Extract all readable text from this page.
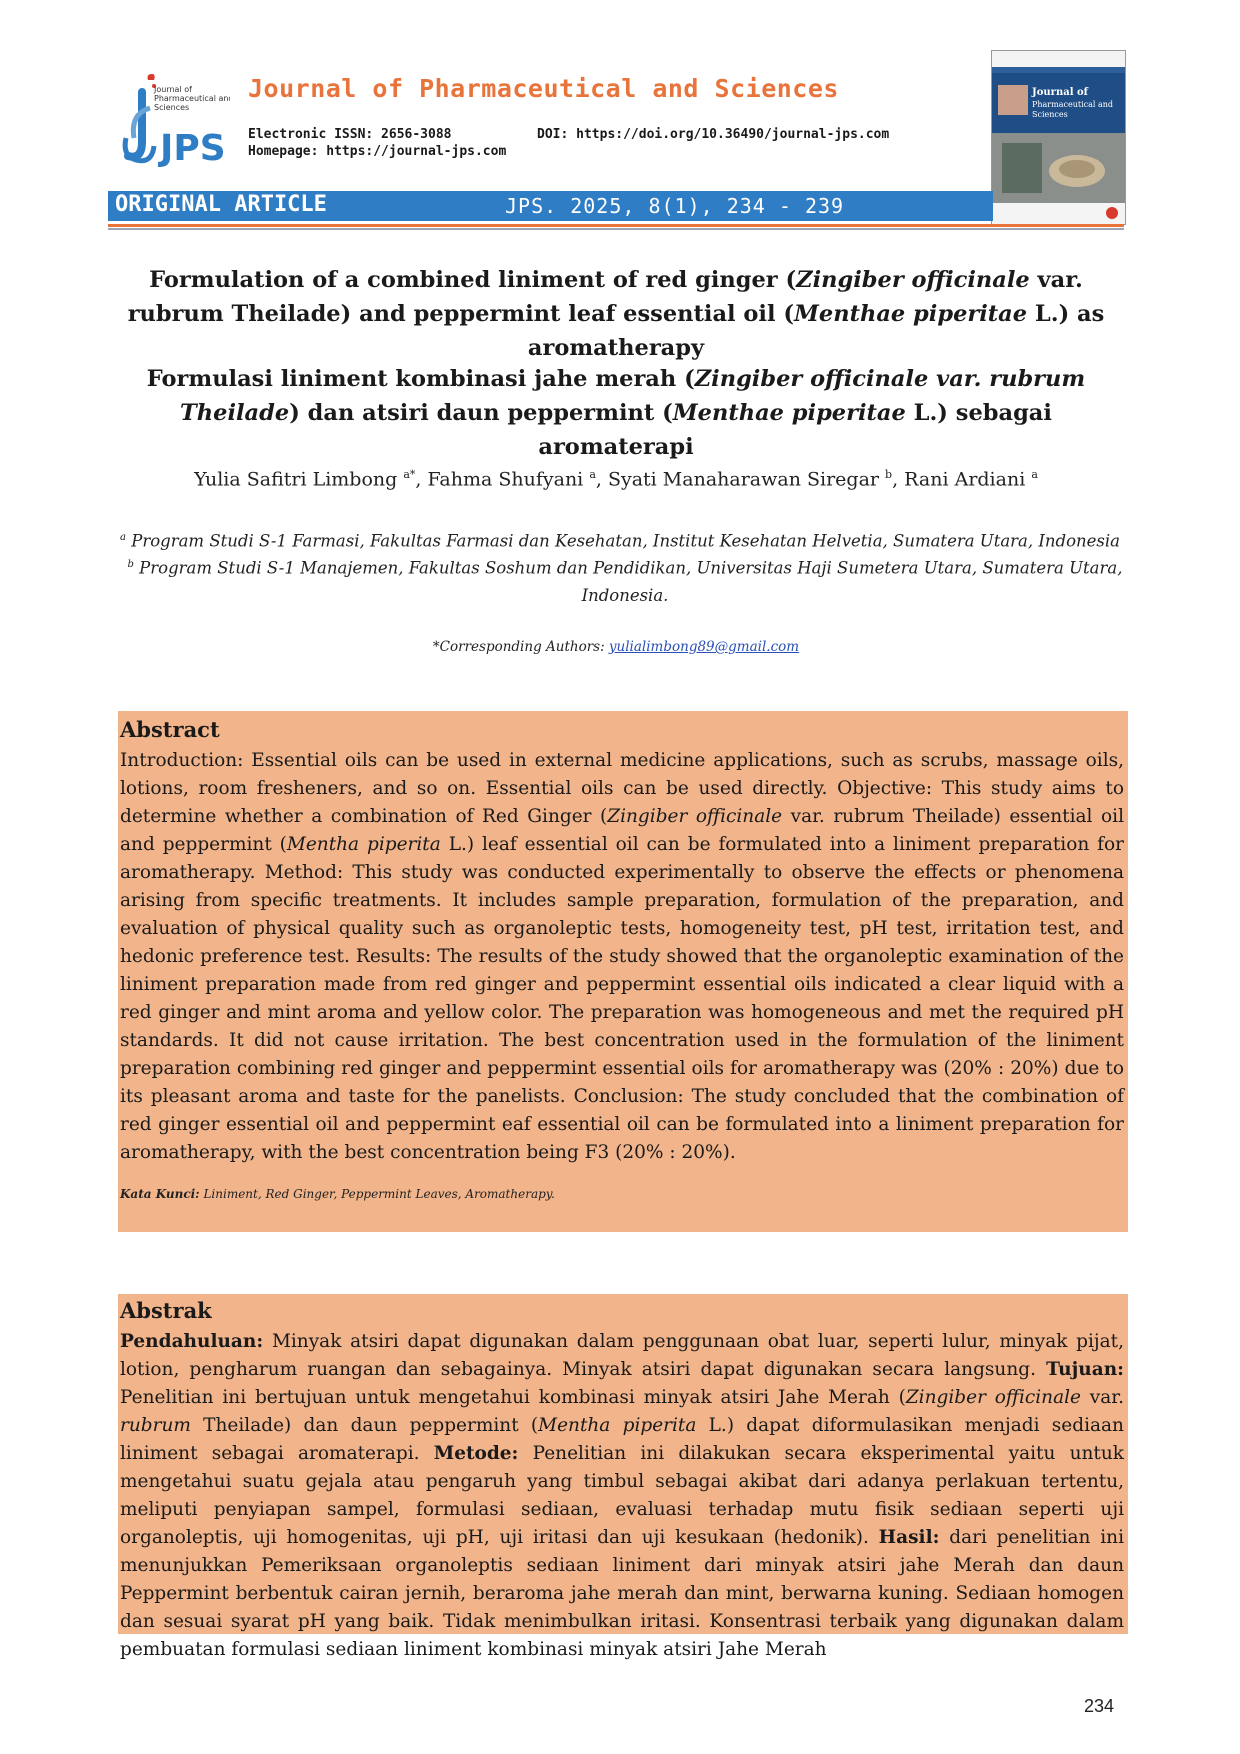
JPS
Journal of
Pharmaceutical and
Sciences
Journal of Pharmaceutical and Sciences
Electronic ISSN: 2656-3088	DOI: https://doi.org/10.36490/journal-jps.com
Homepage: https://journal-jps.com
Journal of
Pharmaceutical and
Sciences
ORIGINAL ARTICLE	JPS. 2025, 8(1), 234 - 239
Formulation of a combined liniment of red ginger (Zingiber officinale var. rubrum Theilade) and peppermint leaf essential oil (Menthae piperitae L.) as aromatherapy
Formulasi liniment kombinasi jahe merah (Zingiber officinale var. rubrum Theilade) dan atsiri daun peppermint (Menthae piperitae L.) sebagai aromaterapi
Yulia Safitri Limbong $^{a*}$, Fahma Shufyani $^a$, Syati Manaharawan Siregar $^b$, Rani Ardiani $^a$
$^a$ Program Studi S-1 Farmasi, Fakultas Farmasi dan Kesehatan, Institut Kesehatan Helvetia, Sumatera Utara, Indonesia
$^b$ Program Studi S-1 Manajemen, Fakultas Soshum dan Pendidikan, Universitas Haji Sumetera Utara, Sumatera Utara, Indonesia.
*Corresponding Authors: yulialimbong89@gmail.com
Abstract
Introduction: Essential oils can be used in external medicine applications, such as scrubs, massage oils, lotions, room fresheners, and so on. Essential oils can be used directly. Objective: This study aims to determine whether a combination of Red Ginger (Zingiber officinale var. rubrum Theilade) essential oil and peppermint (Mentha piperita L.) leaf essential oil can be formulated into a liniment preparation for aromatherapy. Method: This study was conducted experimentally to observe the effects or phenomena arising from specific treatments. It includes sample preparation, formulation of the preparation, and evaluation of physical quality such as organoleptic tests, homogeneity test, pH test, irritation test, and hedonic preference test. Results: The results of the study showed that the organoleptic examination of the liniment preparation made from red ginger and peppermint essential oils indicated a clear liquid with a red ginger and mint aroma and yellow color. The preparation was homogeneous and met the required pH standards. It did not cause irritation. The best concentration used in the formulation of the liniment preparation combining red ginger and peppermint essential oils for aromatherapy was (20% : 20%) due to its pleasant aroma and taste for the panelists. Conclusion: The study concluded that the combination of red ginger essential oil and peppermint eaf essential oil can be formulated into a liniment preparation for aromatherapy, with the best concentration being F3 (20% : 20%).
Kata Kunci: Liniment, Red Ginger, Peppermint Leaves, Aromatherapy.
Abstrak
Pendahuluan: Minyak atsiri dapat digunakan dalam penggunaan obat luar, seperti lulur, minyak pijat, lotion, pengharum ruangan dan sebagainya. Minyak atsiri dapat digunakan secara langsung. Tujuan: Penelitian ini bertujuan untuk mengetahui kombinasi minyak atsiri Jahe Merah (Zingiber officinale var. rubrum Theilade) dan daun peppermint (Mentha piperita L.) dapat diformulasikan menjadi sediaan liniment sebagai aromaterapi. Metode: Penelitian ini dilakukan secara eksperimental yaitu untuk mengetahui suatu gejala atau pengaruh yang timbul sebagai akibat dari adanya perlakuan tertentu, meliputi penyiapan sampel, formulasi sediaan, evaluasi terhadap mutu fisik sediaan seperti uji organoleptis, uji homogenitas, uji pH, uji iritasi dan uji kesukaan (hedonik). Hasil: dari penelitian ini menunjukkan Pemeriksaan organoleptis sediaan liniment dari minyak atsiri jahe Merah dan daun Peppermint berbentuk cairan jernih, beraroma jahe merah dan mint, berwarna kuning. Sediaan homogen dan sesuai syarat pH yang baik. Tidak menimbulkan iritasi. Konsentrasi terbaik yang digunakan dalam pembuatan formulasi sediaan liniment kombinasi minyak atsiri Jahe Merah
234
